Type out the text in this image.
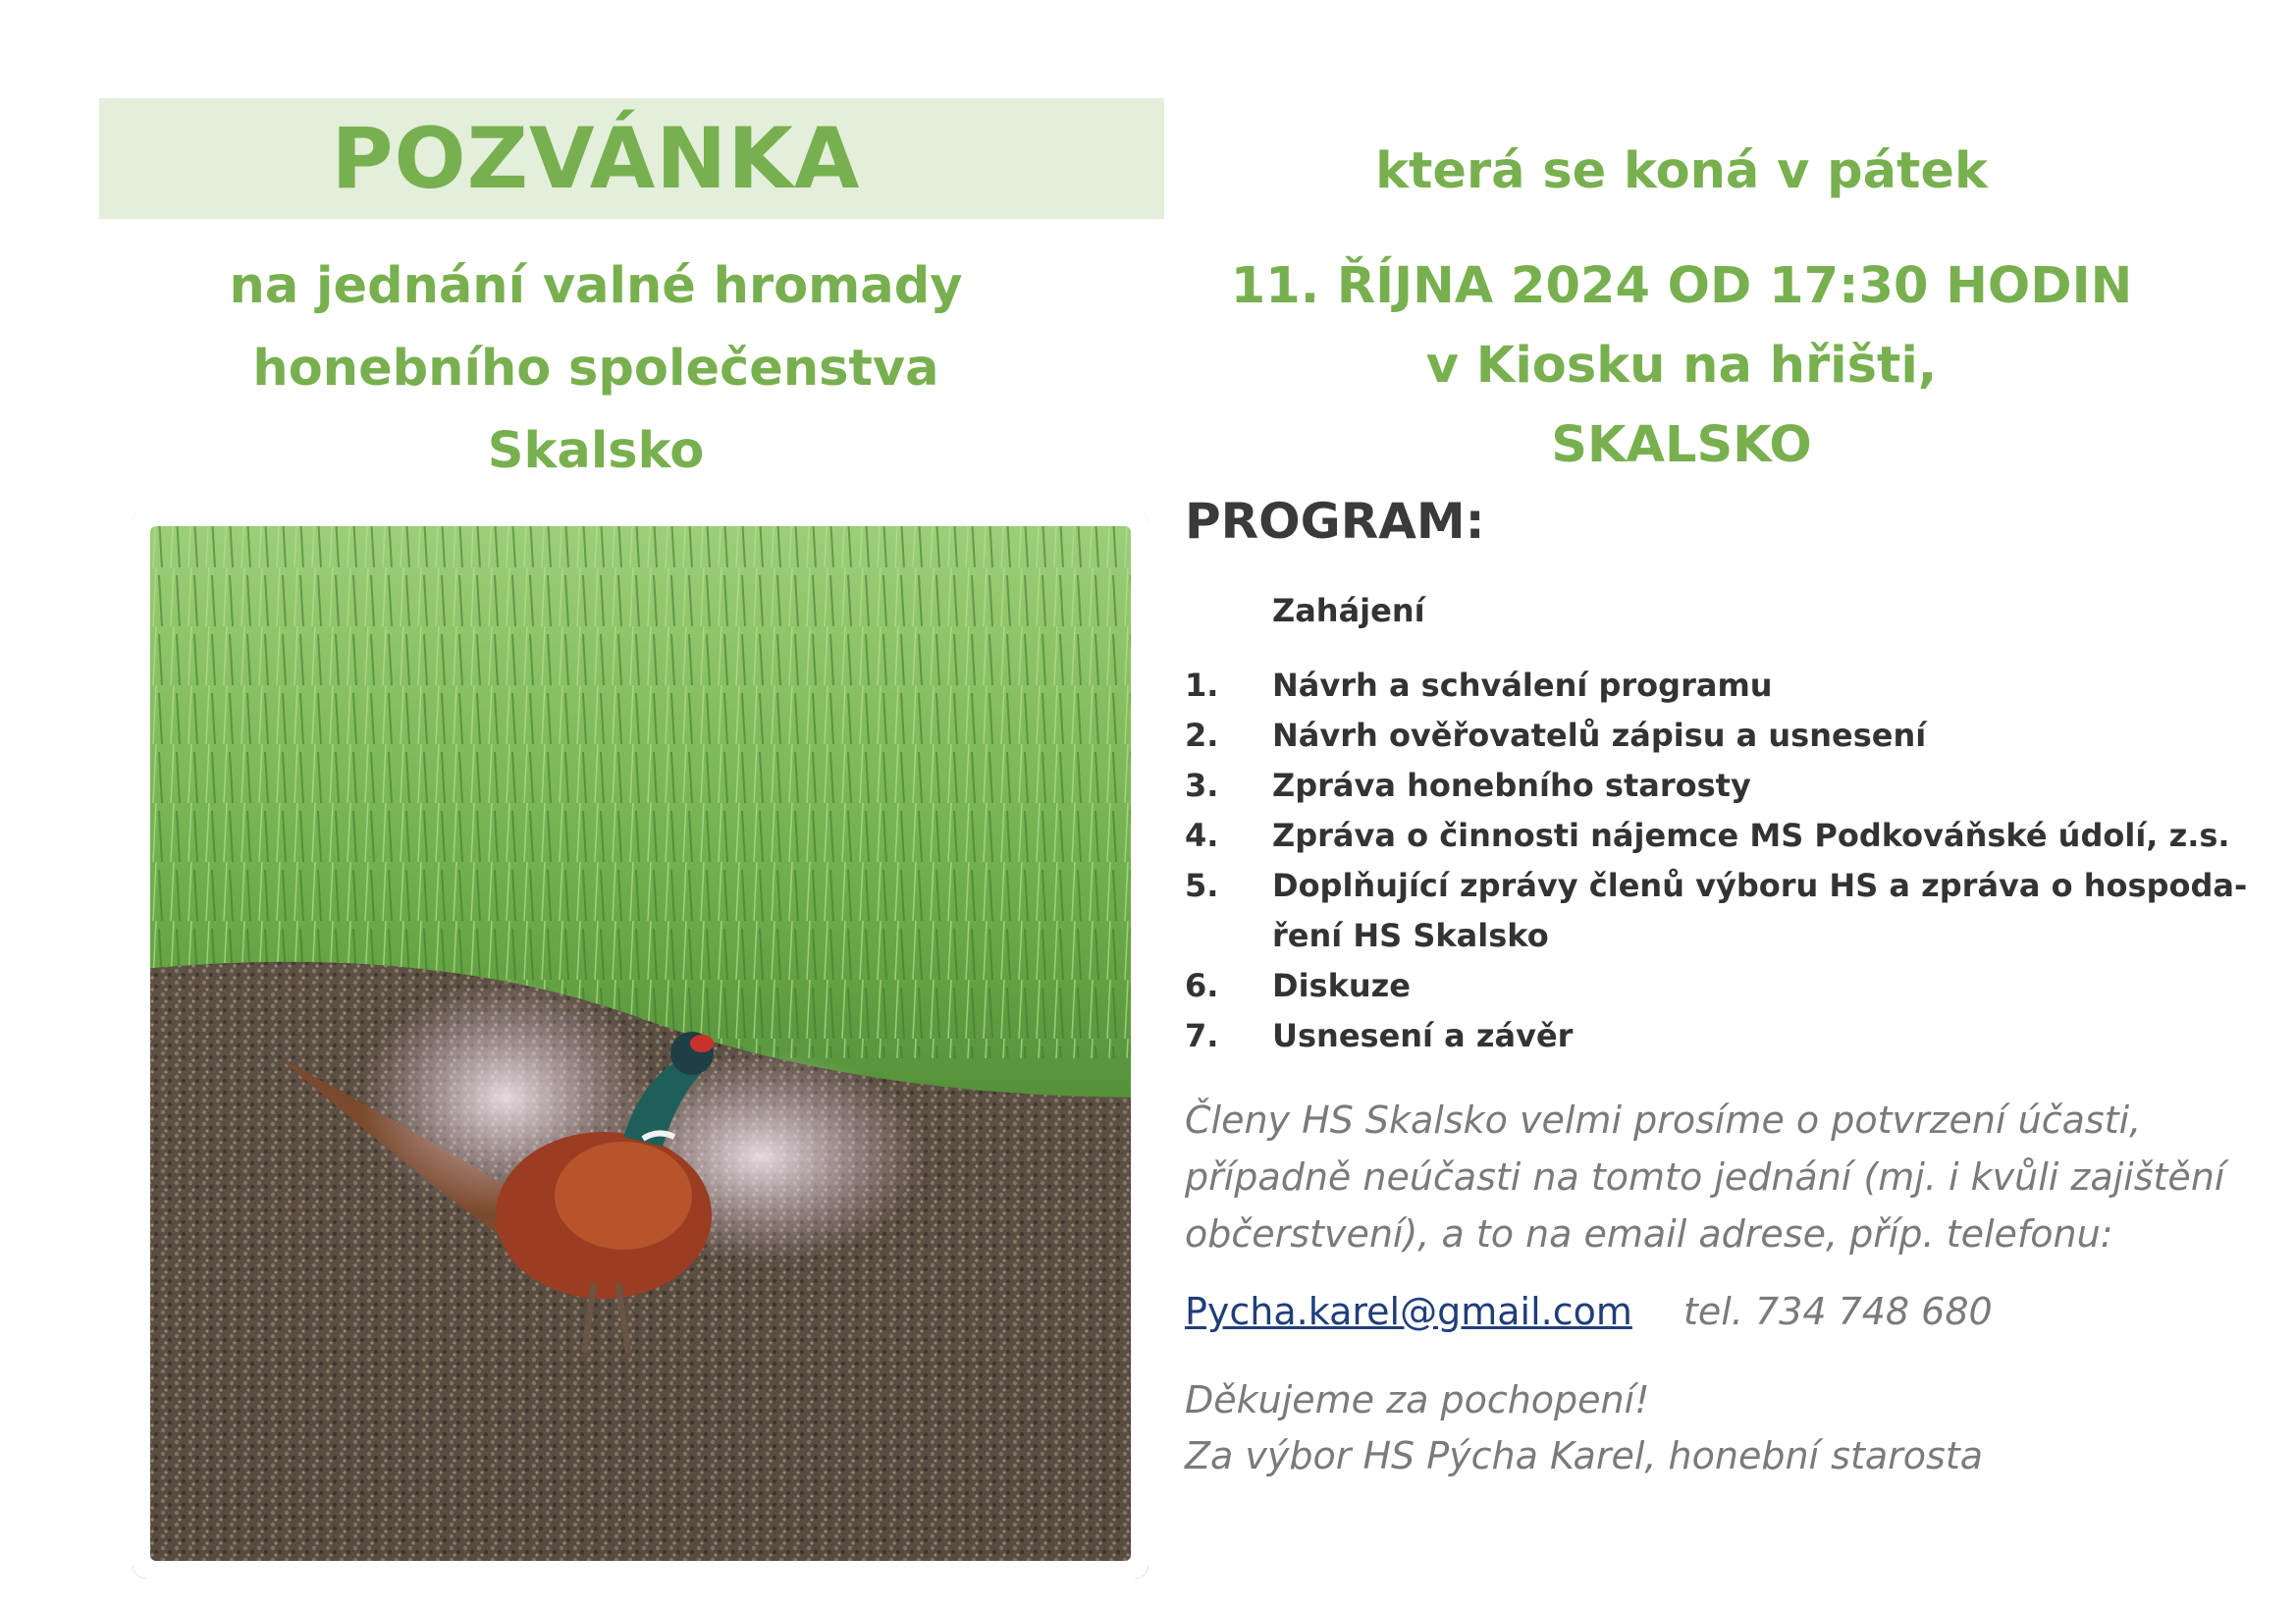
POZVÁNKA
na jednání valné hromady
honebního společenstva
Skalsko
která se koná v pátek
11. ŘÍJNA 2024 OD 17:30 HODIN
v Kiosku na hřišti,
SKALSKO
PROGRAM:
Zahájení
1. Návrh a schválení programu
2. Návrh ověřovatelů zápisu a usnesení
3. Zpráva honebního starosty
4. Zpráva o činnosti nájemce MS Podkováňské údolí, z.s.
5. Doplňující zprávy členů výboru HS a zpráva o hospoda-
ření HS Skalsko
6. Diskuze
7. Usnesení a závěr
Členy HS Skalsko velmi prosíme o potvrzení účasti,
případně neúčasti na tomto jednání (mj. i kvůli zajištění
občerstvení), a to na email adrese, příp. telefonu:
Pycha.karel@gmail.com tel. 734 748 680
Děkujeme za pochopení!
Za výbor HS Pýcha Karel, honební starosta
